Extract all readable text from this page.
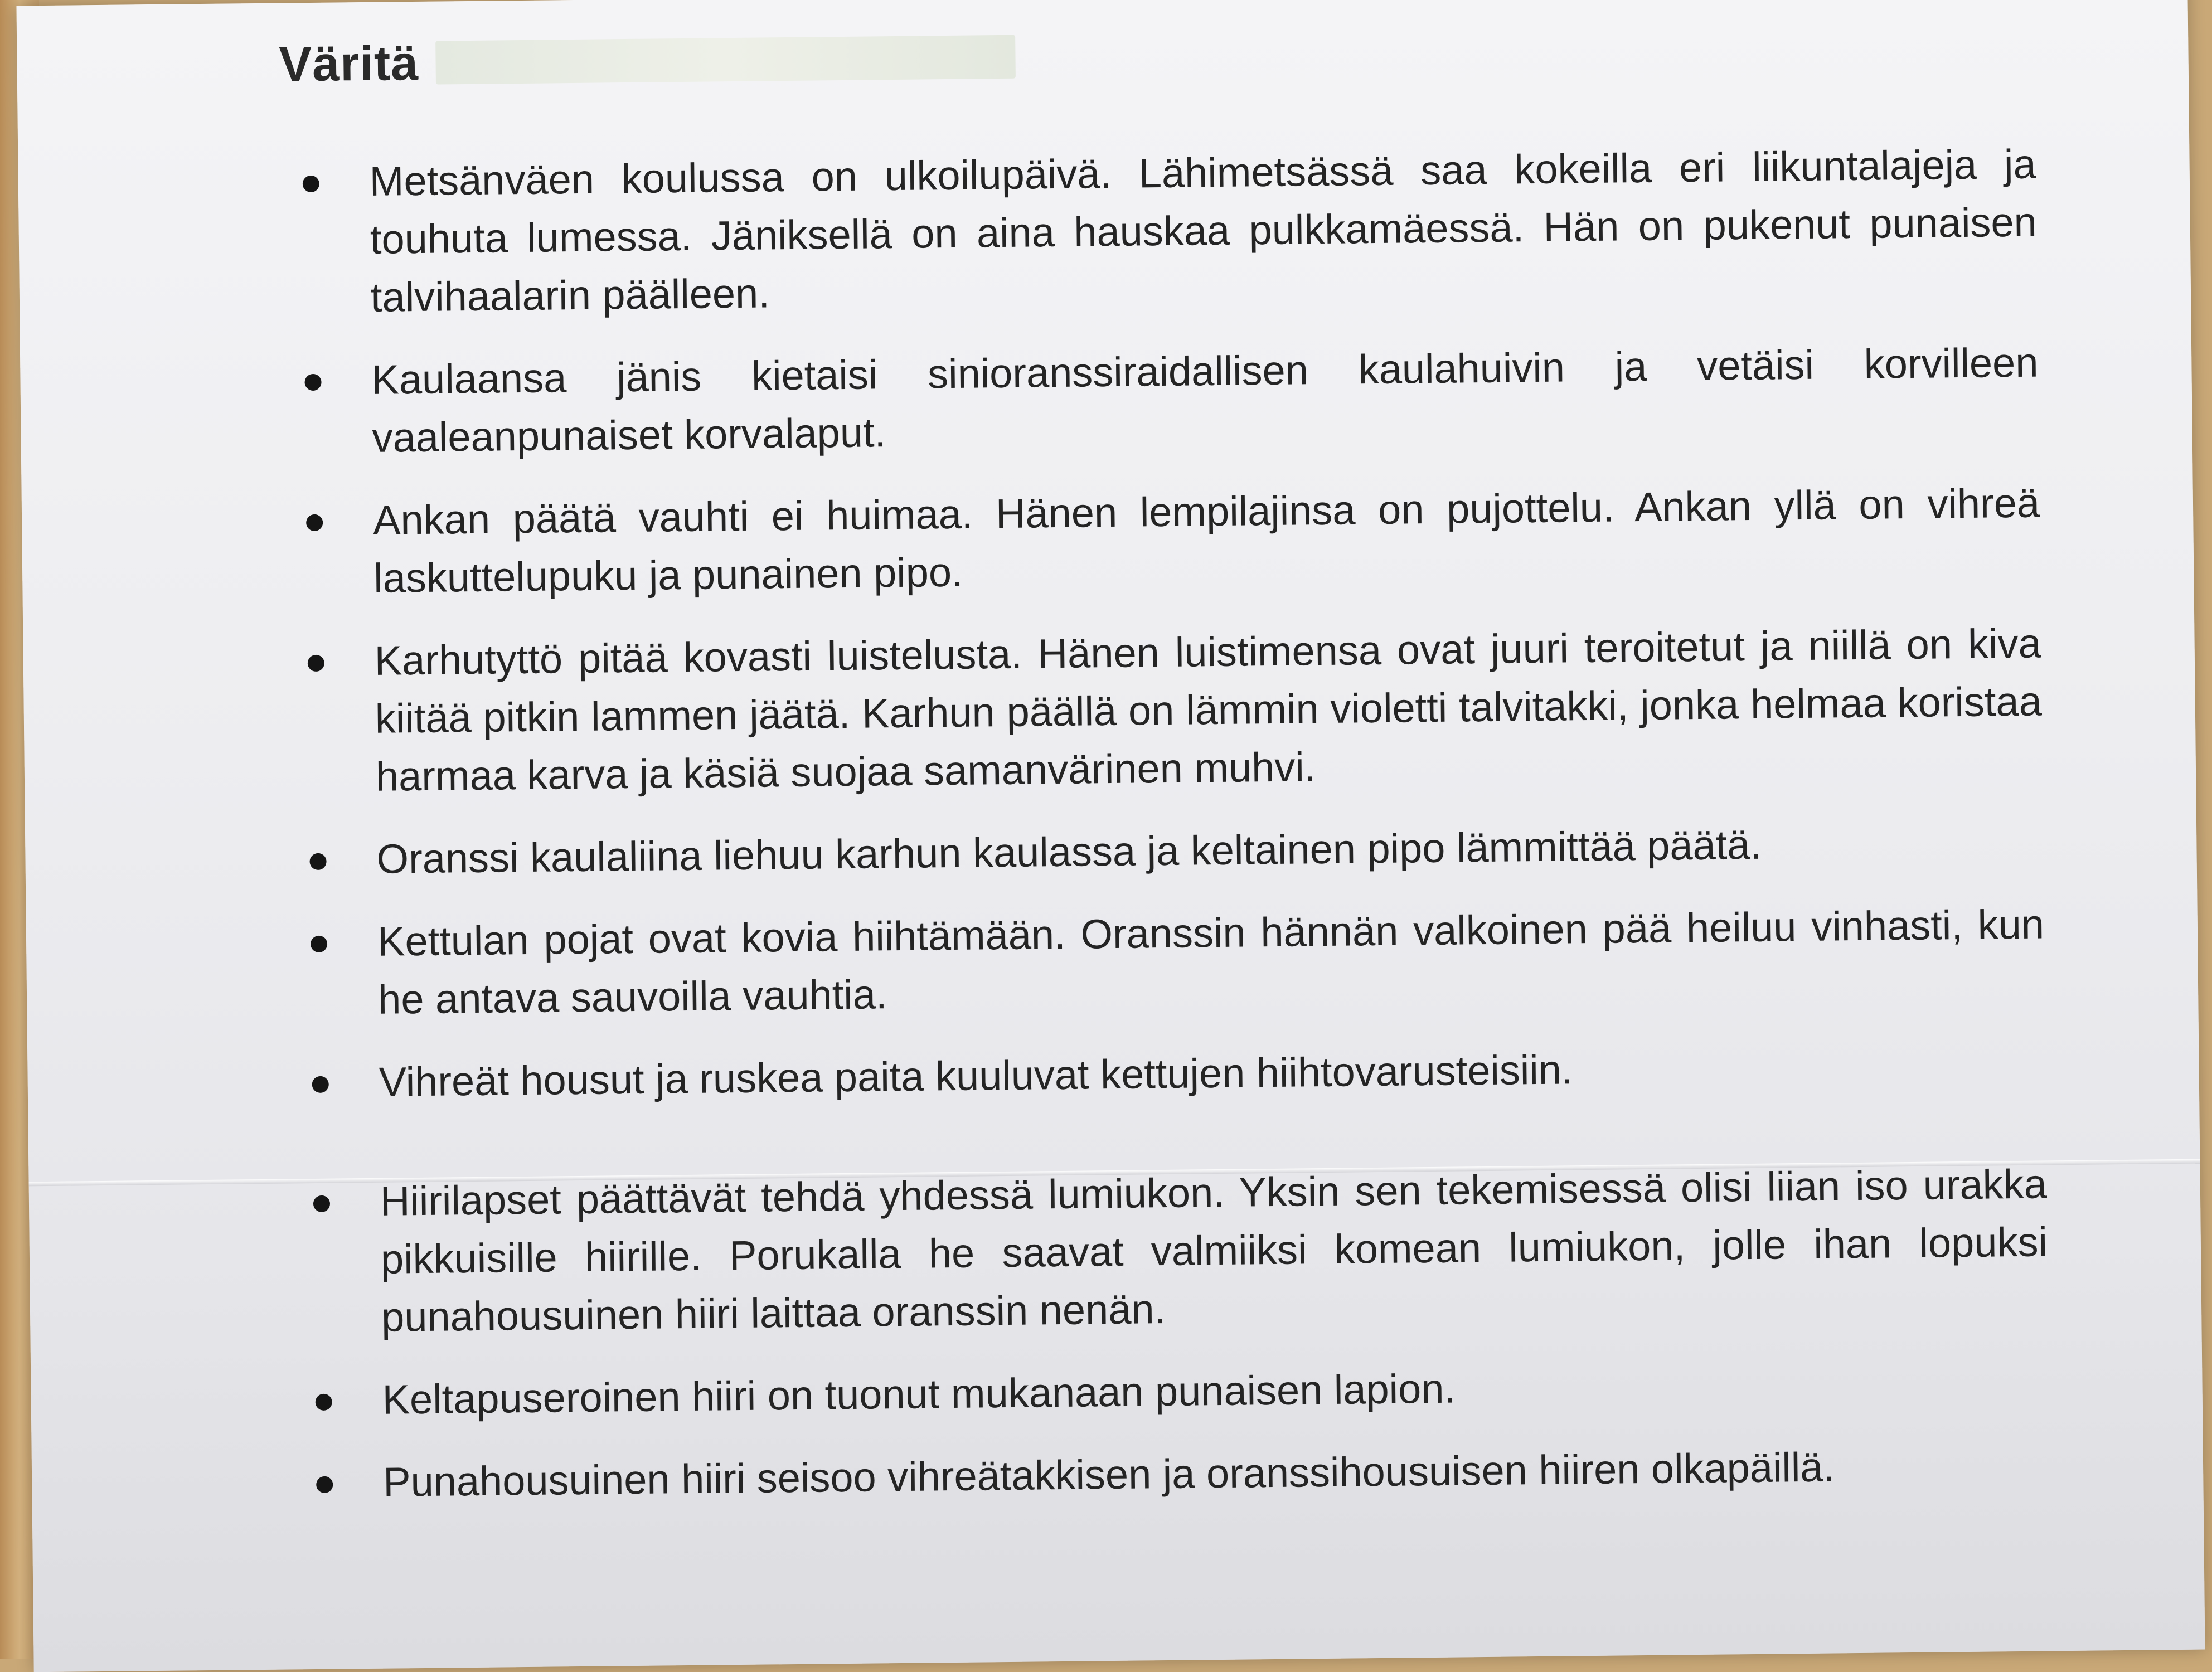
Väritä
Metsänväen koulussa on ulkoilupäivä. Lähimetsässä saa kokeilla eri liikuntalajeja ja touhuta lumessa. Jäniksellä on aina hauskaa pulkkamäessä. Hän on pukenut punaisen talvihaalarin päälleen.
Kaulaansa jänis kietaisi sinioranssiraidallisen kaulahuivin ja vetäisi korvilleen vaaleanpunaiset korvalaput.
Ankan päätä vauhti ei huimaa. Hänen lempilajinsa on pujottelu. Ankan yllä on vihreä laskuttelupuku ja punainen pipo.
Karhutyttö pitää kovasti luistelusta. Hänen luistimensa ovat juuri teroitetut ja niillä on kiva kiitää pitkin lammen jäätä. Karhun päällä on lämmin violetti talvitakki, jonka helmaa koristaa harmaa karva ja käsiä suojaa samanvärinen muhvi.
Oranssi kaulaliina liehuu karhun kaulassa ja keltainen pipo lämmittää päätä.
Kettulan pojat ovat kovia hiihtämään. Oranssin hännän valkoinen pää heiluu vinhasti, kun he antava sauvoilla vauhtia.
Vihreät housut ja ruskea paita kuuluvat kettujen hiihtovarusteisiin.
Hiirilapset päättävät tehdä yhdessä lumiukon. Yksin sen tekemisessä olisi liian iso urakka pikkuisille hiirille. Porukalla he saavat valmiiksi komean lumiukon, jolle ihan lopuksi punahousuinen hiiri laittaa oranssin nenän.
Keltapuseroinen hiiri on tuonut mukanaan punaisen lapion.
Punahousuinen hiiri seisoo vihreätakkisen ja oranssihousuisen hiiren olkapäillä.
